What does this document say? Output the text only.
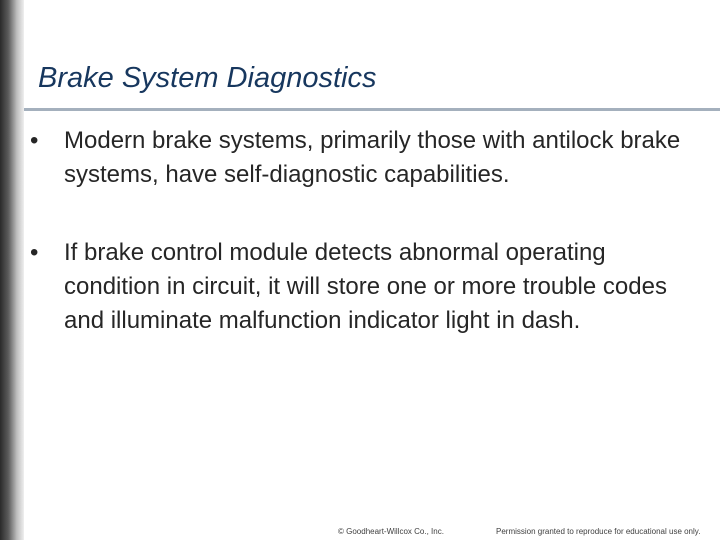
Brake System Diagnostics
•	Modern brake systems, primarily those with antilock brake systems, have self-diagnostic capabilities.
•	If brake control module detects abnormal operating condition in circuit, it will store one or more trouble codes and illuminate malfunction indicator light in dash.
© Goodheart-Willcox Co., Inc.	Permission granted to reproduce for educational use only.
